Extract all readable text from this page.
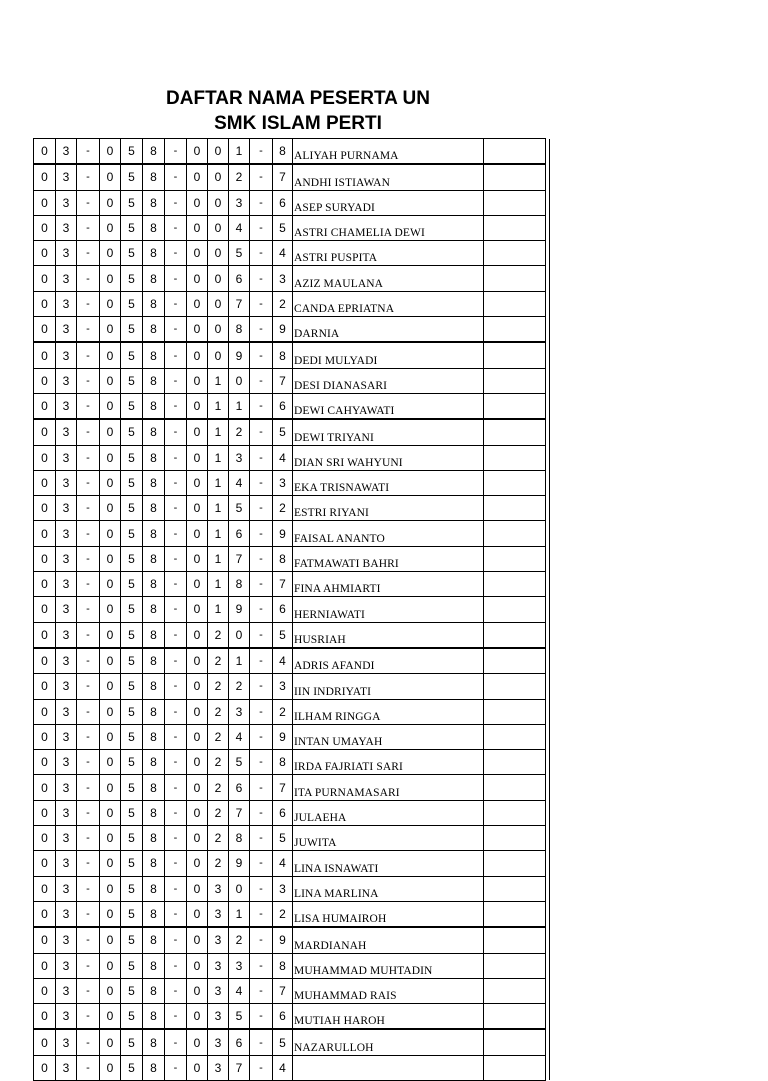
DAFTAR NAMA PESERTA UN
SMK ISLAM PERTI
0	3	-	0	5	8	-	0	0	1	-	8	ALIYAH PURNAMA		
0	3	-	0	5	8	-	0	0	2	-	7	ANDHI ISTIAWAN		
0	3	-	0	5	8	-	0	0	3	-	6	ASEP SURYADI		
0	3	-	0	5	8	-	0	0	4	-	5	ASTRI CHAMELIA DEWI		
0	3	-	0	5	8	-	0	0	5	-	4	ASTRI PUSPITA		
0	3	-	0	5	8	-	0	0	6	-	3	AZIZ MAULANA		
0	3	-	0	5	8	-	0	0	7	-	2	CANDA EPRIATNA		
0	3	-	0	5	8	-	0	0	8	-	9	DARNIA		
0	3	-	0	5	8	-	0	0	9	-	8	DEDI MULYADI		
0	3	-	0	5	8	-	0	1	0	-	7	DESI DIANASARI		
0	3	-	0	5	8	-	0	1	1	-	6	DEWI CAHYAWATI		
0	3	-	0	5	8	-	0	1	2	-	5	DEWI TRIYANI		
0	3	-	0	5	8	-	0	1	3	-	4	DIAN SRI WAHYUNI		
0	3	-	0	5	8	-	0	1	4	-	3	EKA TRISNAWATI		
0	3	-	0	5	8	-	0	1	5	-	2	ESTRI RIYANI		
0	3	-	0	5	8	-	0	1	6	-	9	FAISAL ANANTO		
0	3	-	0	5	8	-	0	1	7	-	8	FATMAWATI BAHRI		
0	3	-	0	5	8	-	0	1	8	-	7	FINA AHMIARTI		
0	3	-	0	5	8	-	0	1	9	-	6	HERNIAWATI		
0	3	-	0	5	8	-	0	2	0	-	5	HUSRIAH		
0	3	-	0	5	8	-	0	2	1	-	4	ADRIS AFANDI		
0	3	-	0	5	8	-	0	2	2	-	3	IIN INDRIYATI		
0	3	-	0	5	8	-	0	2	3	-	2	ILHAM RINGGA		
0	3	-	0	5	8	-	0	2	4	-	9	INTAN UMAYAH		
0	3	-	0	5	8	-	0	2	5	-	8	IRDA FAJRIATI SARI		
0	3	-	0	5	8	-	0	2	6	-	7	ITA PURNAMASARI		
0	3	-	0	5	8	-	0	2	7	-	6	JULAEHA		
0	3	-	0	5	8	-	0	2	8	-	5	JUWITA		
0	3	-	0	5	8	-	0	2	9	-	4	LINA ISNAWATI		
0	3	-	0	5	8	-	0	3	0	-	3	LINA MARLINA		
0	3	-	0	5	8	-	0	3	1	-	2	LISA HUMAIROH		
0	3	-	0	5	8	-	0	3	2	-	9	MARDIANAH		
0	3	-	0	5	8	-	0	3	3	-	8	MUHAMMAD MUHTADIN		
0	3	-	0	5	8	-	0	3	4	-	7	MUHAMMAD RAIS		
0	3	-	0	5	8	-	0	3	5	-	6	MUTIAH HAROH		
0	3	-	0	5	8	-	0	3	6	-	5	NAZARULLOH		
0	3	-	0	5	8	-	0	3	7	-	4			
